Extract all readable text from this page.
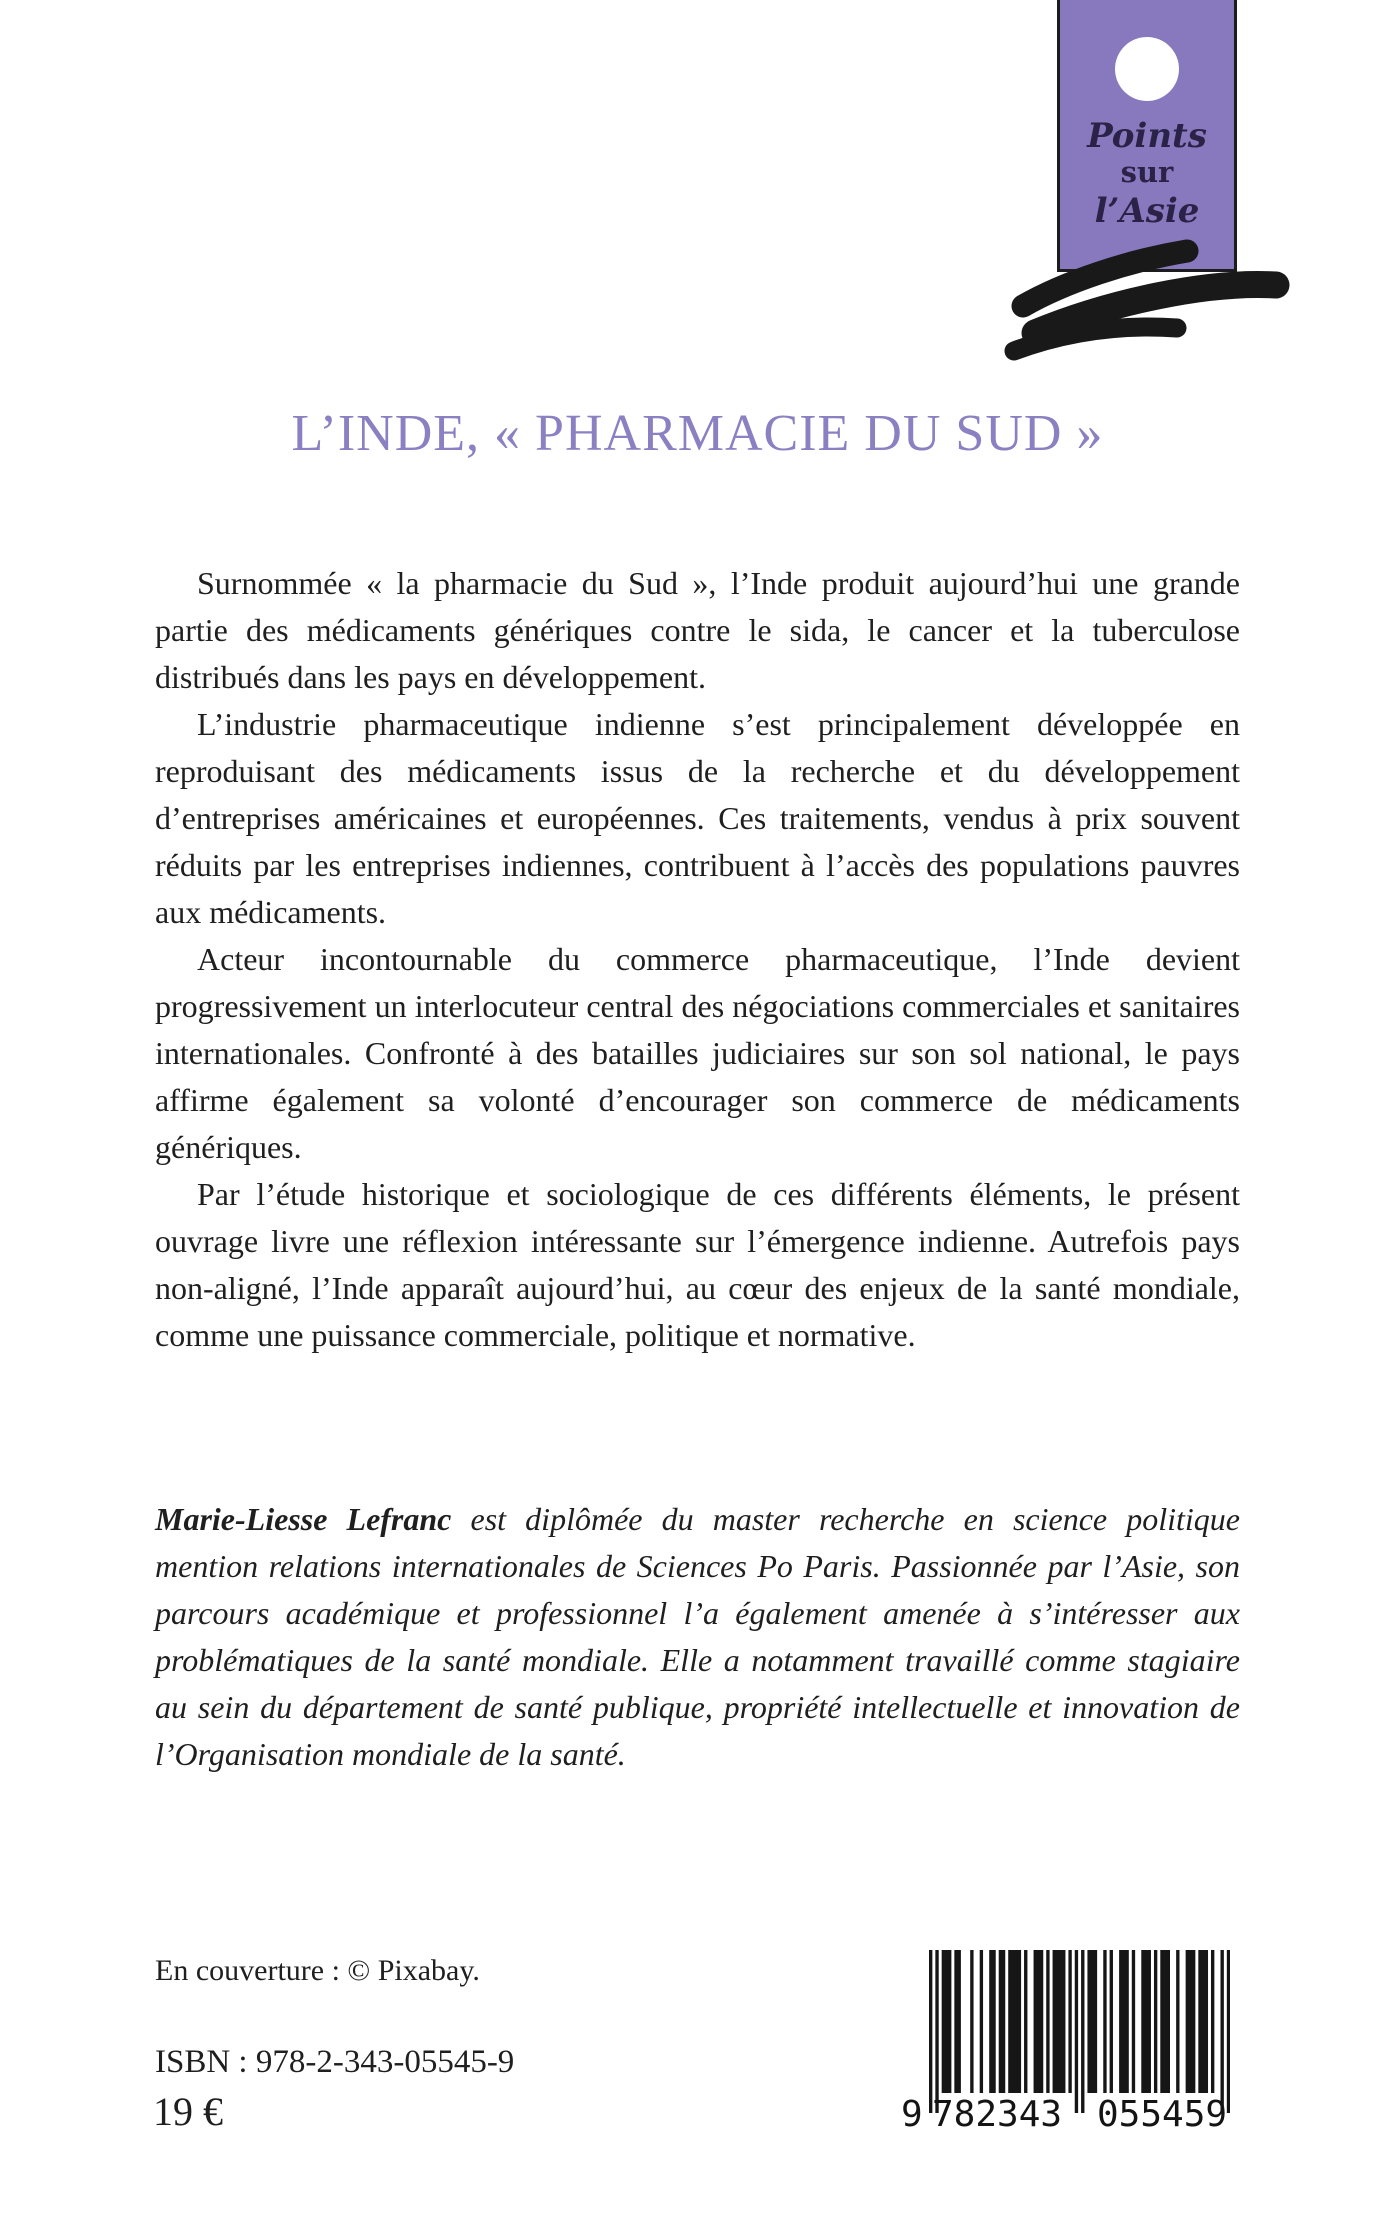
Points
sur
l’Asie
L’INDE, « PHARMACIE DU SUD »

Surnommée « la pharmacie du Sud », l’Inde produit aujourd’hui une grande partie des médicaments génériques contre le sida, le cancer et la tuberculose distribués dans les pays en développement.

L’industrie pharmaceutique indienne s’est principalement développée en reproduisant des médicaments issus de la recherche et du développement d’entreprises américaines et européennes. Ces traitements, vendus à prix souvent réduits par les entreprises indiennes, contribuent à l’accès des populations pauvres aux médicaments.

Acteur incontournable du commerce pharmaceutique, l’Inde devient progressivement un interlocuteur central des négociations commerciales et sanitaires internationales. Confronté à des batailles judiciaires sur son sol national, le pays affirme également sa volonté d’encourager son commerce de médicaments génériques.

Par l’étude historique et sociologique de ces différents éléments, le présent ouvrage livre une réflexion intéressante sur l’émergence indienne. Autrefois pays non-aligné, l’Inde apparaît aujourd’hui, au cœur des enjeux de la santé mondiale, comme une puissance commerciale, politique et normative.

Marie-Liesse Lefranc est diplômée du master recherche en science politique mention relations internationales de Sciences Po Paris. Passionnée par l’Asie, son parcours académique et professionnel l’a également amenée à s’intéresser aux problématiques de la santé mondiale. Elle a notamment travaillé comme stagiaire au sein du département de santé publique, propriété intellectuelle et innovation de l’Organisation mondiale de la santé.
En couverture : © Pixabay.
ISBN : 978-2-343-05545-9
19 €	9 782343 055459
